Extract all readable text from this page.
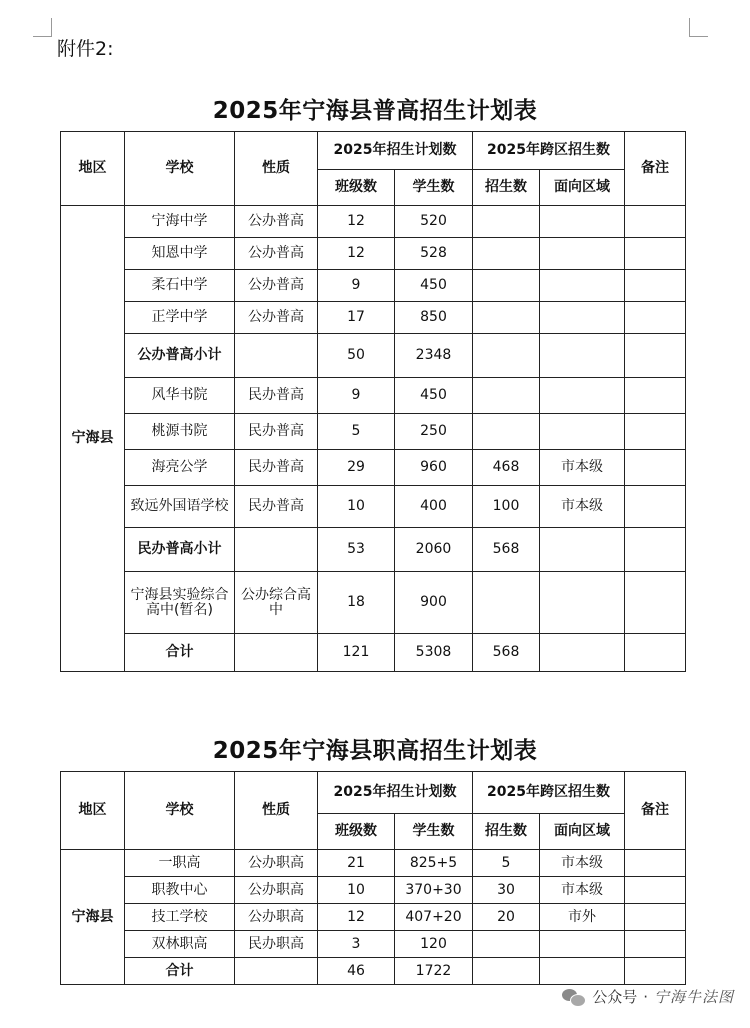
附件2:
2025年宁海县普高招生计划表
地区	学校	性质	2025年招生计划数		2025年跨区招生数		备注
			班级数	学生数	招生数	面向区域	
宁海县	宁海中学	公办普高	12	520			
	知恩中学	公办普高	12	528			
	柔石中学	公办普高	9	450			
	正学中学	公办普高	17	850			
	公办普高小计		50	2348			
	风华书院	民办普高	9	450			
	桃源书院	民办普高	5	250			
	海亮公学	民办普高	29	960	468	市本级	
	致远外国语学校	民办普高	10	400	100	市本级	
	民办普高小计		53	2060	568		
	宁海县实验综合高中(暂名)	公办综合高中	18	900			
	合计		121	5308	568		
2025年宁海县职高招生计划表
地区	学校	性质	2025年招生计划数		2025年跨区招生数		备注
			班级数	学生数	招生数	面向区域	
宁海县	一职高	公办职高	21	825+5	5	市本级	
	职教中心	公办职高	10	370+30	30	市本级	
	技工学校	公办职高	12	407+20	20	市外	
	双林职高	民办职高	3	120			
	合计		46	1722			
公众号 · 宁海牛法图
